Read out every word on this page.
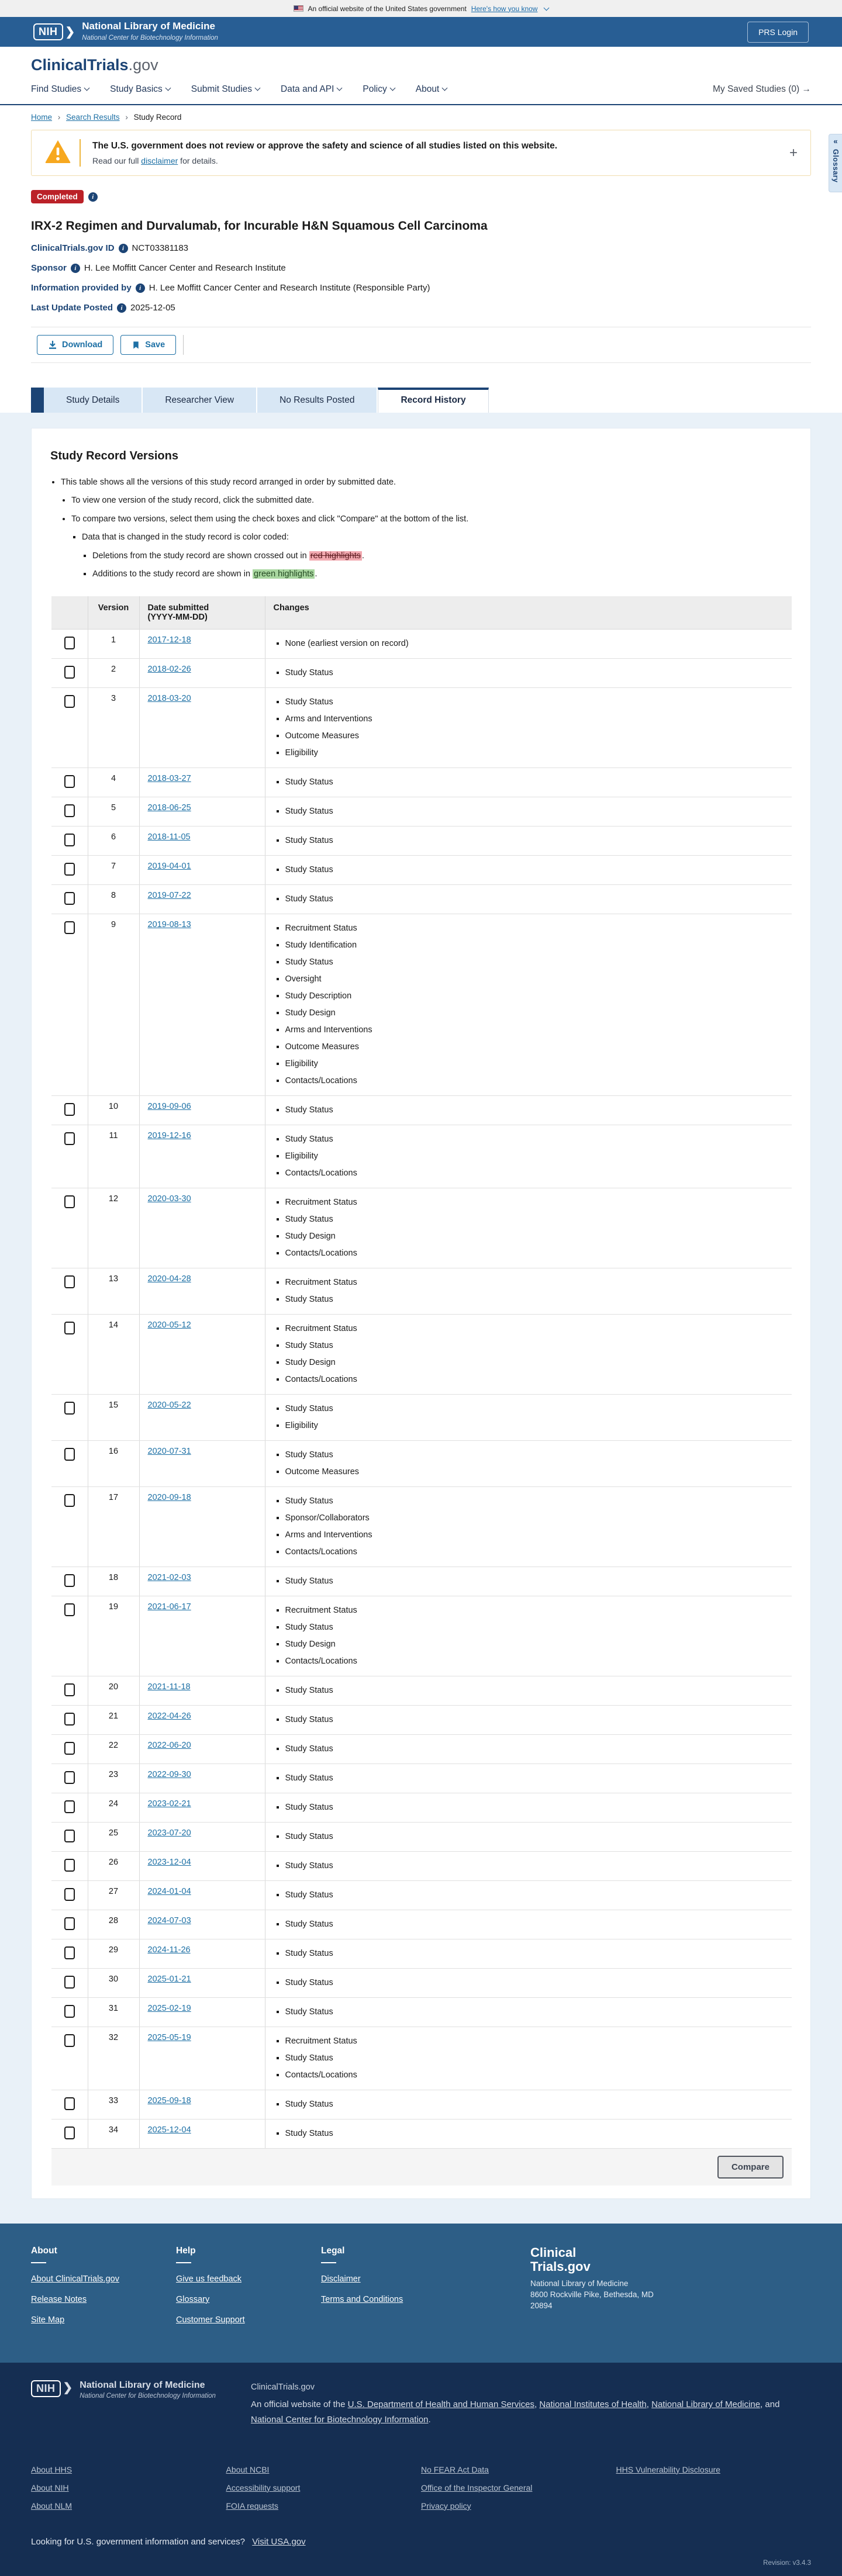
An official website of the United States government Here's how you know
NIH ❯ National Library of Medicine
National Center for Biotechnology Information
PRS Login
ClinicalTrials.gov
Find Studies	Study Basics	Submit Studies	Data and API	Policy	About	My Saved Studies (0) →
Home › Search Results › Study Record
«
Glossary
The U.S. government does not review or approve the safety and science of all studies listed on this website.
Read our full disclaimer for details.	+
Completed	i
IRX-2 Regimen and Durvalumab, for Incurable H&N Squamous Cell Carcinoma
ClinicalTrials.gov ID	i NCT03381183
Sponsor	i H. Lee Moffitt Cancer Center and Research Institute
Information provided by	i H. Lee Moffitt Cancer Center and Research Institute (Responsible Party)
Last Update Posted	i 2025-12-05
Download	Save
Study Details	Researcher View	No Results Posted	Record History
Study Record Versions
• This table shows all the versions of this study record arranged in order by submitted date.
• To view one version of the study record, click the submitted date.
• To compare two versions, select them using the check boxes and click "Compare" at the bottom of the list.
▪ Data that is changed in the study record is color coded:
▪ Deletions from the study record are shown crossed out in red highlights .
▪ Additions to the study record are shown in green highlights .
	Version	Date submitted
(YYYY-MM-DD)	Changes
	1	2017-12-18	
▪None (earliest version on record)

	2	2018-02-26	
▪Study Status

	3	2018-03-20	
▪Study Status
▪ Arms and Interventions
▪ Outcome Measures
▪ Eligibility

	4	2018-03-27	
▪Study Status

	5	2018-06-25	
▪Study Status

	6	2018-11-05	
▪Study Status

	7	2019-04-01	
▪Study Status

	8	2019-07-22	
▪Study Status

	9	2019-08-13	
▪Recruitment Status
▪ Study Identification
▪ Study Status
▪ Oversight
▪ Study Description
▪ Study Design
▪ Arms and Interventions
▪ Outcome Measures
▪ Eligibility
▪ Contacts/Locations

	10	2019-09-06	
▪Study Status

	11	2019-12-16	
▪Study Status
▪ Eligibility
▪ Contacts/Locations

	12	2020-03-30	
▪Recruitment Status
▪ Study Status
▪ Study Design
▪ Contacts/Locations

	13	2020-04-28	
▪Recruitment Status
▪ Study Status

	14	2020-05-12	
▪Recruitment Status
▪ Study Status
▪ Study Design
▪ Contacts/Locations

	15	2020-05-22	
▪Study Status
▪ Eligibility

	16	2020-07-31	
▪Study Status
▪ Outcome Measures

	17	2020-09-18	
▪Study Status
▪ Sponsor/Collaborators
▪ Arms and Interventions
▪ Contacts/Locations

	18	2021-02-03	
▪Study Status

	19	2021-06-17	
▪Recruitment Status
▪ Study Status
▪ Study Design
▪ Contacts/Locations

	20	2021-11-18	
▪Study Status

	21	2022-04-26	
▪Study Status

	22	2022-06-20	
▪Study Status

	23	2022-09-30	
▪Study Status

	24	2023-02-21	
▪Study Status

	25	2023-07-20	
▪Study Status

	26	2023-12-04	
▪Study Status

	27	2024-01-04	
▪Study Status

	28	2024-07-03	
▪Study Status

	29	2024-11-26	
▪Study Status

	30	2025-01-21	
▪Study Status

	31	2025-02-19	
▪Study Status

	32	2025-05-19	
▪Recruitment Status
▪ Study Status
▪ Contacts/Locations

	33	2025-09-18	
▪Study Status

	34	2025-12-04	
▪Study Status

Compare			
About
About ClinicalTrials.gov
Release Notes
Site Map
Help
Give us feedback
Glossary
Customer Support
Legal
Disclaimer
Terms and Conditions
Clinical
Trials.gov
National Library of Medicine
8600 Rockville Pike, Bethesda, MD
20894
NIH ❯ National Library of Medicine
National Center for Biotechnology Information
ClinicalTrials.gov
An official website of the U.S. Department of Health and Human Services, National Institutes of Health, National Library of Medicine, and National Center for Biotechnology Information.
About HHS
About NIH
About NLM
About NCBI
Accessibility support
FOIA requests
No FEAR Act Data
Office of the Inspector General
Privacy policy
HHS Vulnerability Disclosure
Looking for U.S. government information and services? Visit USA.gov
Revision: v3.4.3
